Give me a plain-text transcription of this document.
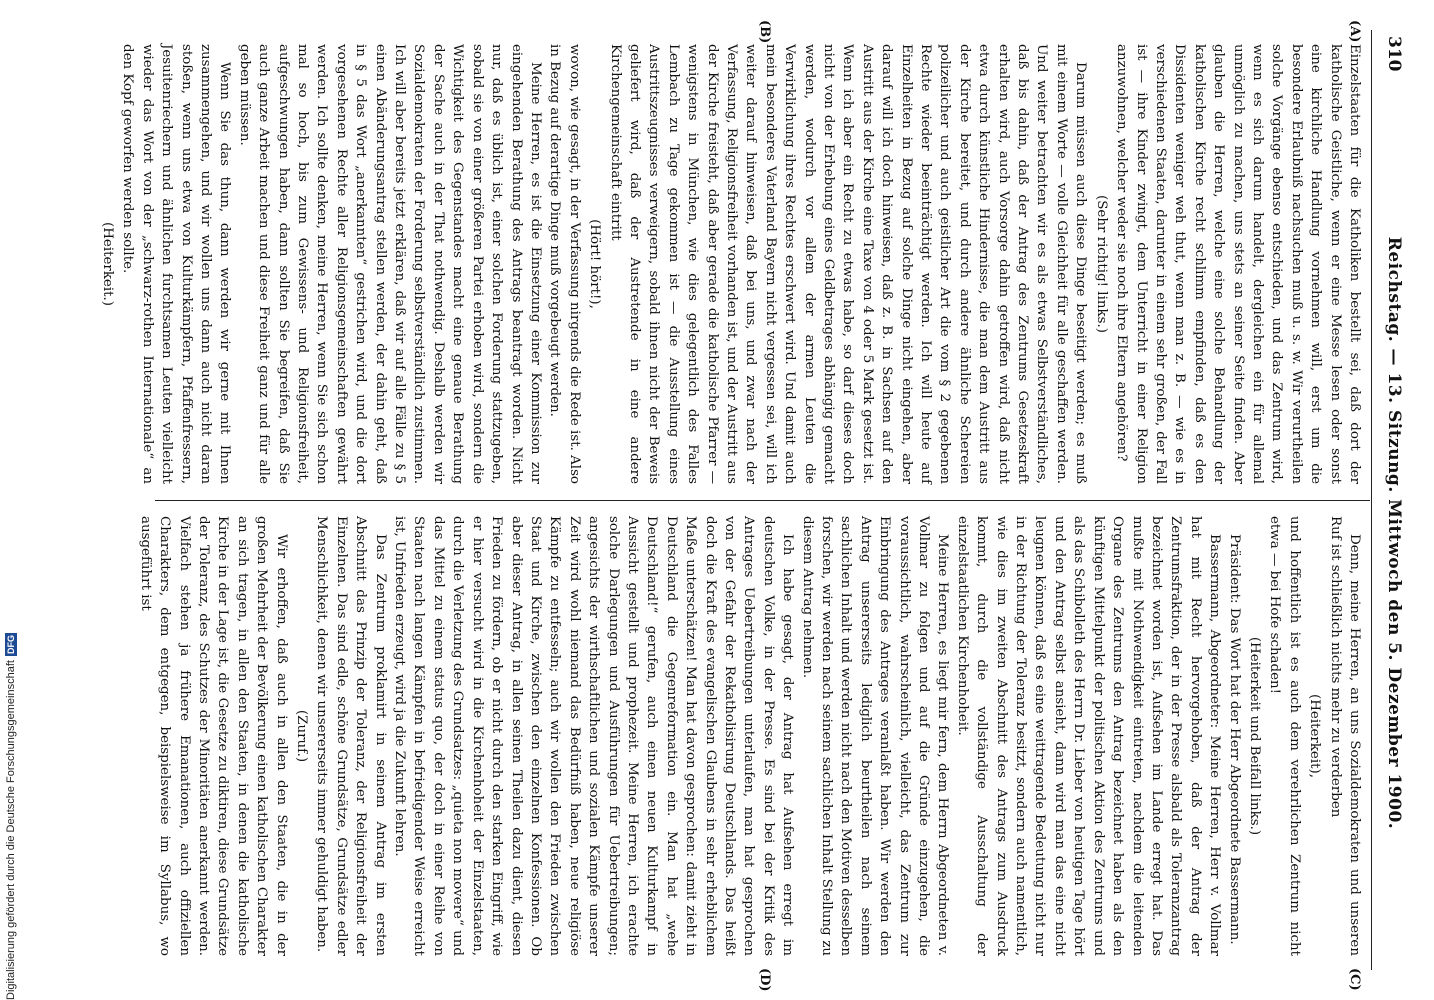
310
Reichstag. — 13. Sitzung. Mittwoch den 5. Dezember 1900.
(A)
(B)
(C)
(D)

Einzelstaaten für die Katholiken bestellt sei, daß dort der katholische Geistliche, wenn er eine Messe lesen oder sonst eine kirchliche Handlung vornehmen will, erst um die besondere Erlaubniß nachsuchen muß u. s. w. Wir verurtheilen solche Vorgänge ebenso entschieden, und das Zentrum wird, wenn es sich darum handelt, dergleichen ein für allemal unmöglich zu machen, uns stets an seiner Seite finden. Aber glauben die Herren, welche eine solche Behandlung der katholischen Kirche recht schlimm empfinden, daß es den Dissidenten weniger weh thut, wenn man z. B. — wie es in verschiedenen Staaten, darunter in einem sehr großen, der Fall ist — ihre Kinder zwingt, dem Unterricht in einer Religion anzuwohnen, welcher weder sie noch ihre Eltern angehören?

(Sehr richtig! links.)

Darum müssen auch diese Dinge beseitigt werden; es muß mit einem Worte — volle Gleichheit für alle geschaffen werden. Und weiter betrachten wir es als etwas Selbstverständliches, daß bis dahin, daß der Antrag des Zentrums Gesetzeskraft erhalten wird, auch Vorsorge dahin getroffen wird, daß nicht etwa durch künstliche Hindernisse, die man dem Austritt aus der Kirche bereitet, und durch andere ähnliche Schereien polizeilicher und auch geistlicher Art die vom § 2 gegebenen Rechte wieder beeinträchtigt werden. Ich will heute auf Einzelheiten in Bezug auf solche Dinge nicht eingehen, aber darauf will ich doch hinweisen, daß z. B. in Sachsen auf den Austritt aus der Kirche eine Taxe von 4 oder 5 Mark gesetzt ist. Wenn ich aber ein Recht zu etwas habe, so darf dieses doch nicht von der Erhebung eines Geldbetrages abhängig gemacht werden, wodurch vor allem der armen Leuten die Verwirklichung ihres Rechtes erschwert wird. Und damit auch mein besonderes Vaterland Bayern nicht vergessen sei, will ich weiter darauf hinweisen, daß bei uns, und zwar nach der Verfassung, Religionsfreiheit vorhanden ist, und der Austritt aus der Kirche freisteht, daß aber gerade die katholische Pfarrer — wenigstens in München, wie dies gelegentlich des Falles Lembach zu Tage gekommen ist — die Ausstellung eines Austrittszeugnisses verweigern, sobald ihnen nicht der Beweis geliefert wird, daß der Austretende in eine andere Kirchengemeinschaft eintritt

(Hört! hört!),

wovon, wie gesagt, in der Verfassung nirgends die Rede ist. Also in Bezug auf derartige Dinge muß vorgebeugt werden.

Meine Herren, es ist die Einsetzung einer Kommission zur eingehenden Berathung des Antrags beantragt worden. Nicht nur, daß es üblich ist, einer solchen Forderung stattzugeben, sobald sie von einer größeren Partei erhoben wird, sondern die Wichtigkeit des Gegenstandes macht eine genaue Berathung der Sache auch in der That nothwendig. Deshalb werden wir Sozialdemokraten der Forderung selbstverständlich zustimmen. Ich will aber bereits jetzt erklären, daß wir auf alle Fälle zu § 5 einen Abänderungsantrag stellen werden, der dahin geht, daß in § 5 das Wort „anerkannten“ gestrichen wird, und die dort vorgesehenen Rechte aller Religionsgemeinschaften gewährt werden. Ich sollte denken, meine Herren, wenn Sie sich schon mal so hoch, bis zum Gewissens- und Religionsfreiheit, aufgeschwungen haben, dann sollten Sie begreifen, daß Sie auch ganze Arbeit machen und diese Freiheit ganz und für alle geben müssen.

Wenn Sie das thun, dann werden wir gerne mit Ihnen zusammengehen, und wir wollen uns dann auch nicht daran stoßen, wenn uns etwa von Kulturkämpfern, Pfaffenfressern, Jesuitenriechern und ähnlichen furchtsamen Leuten vielleicht wieder das Wort von der „schwarz-rothen Internationale“ an den Kopf geworfen werden sollte.

(Heiterkeit.)

Denn, meine Herren, an uns Sozialdemokraten und unseren Ruf ist schließlich nichts mehr zu verderben

(Heiterkeit),

und hoffentlich ist es auch dem verehrlichen Zentrum nicht etwa — bei Hofe schaden!

(Heiterkeit und Beifall links.)

Präsident: Das Wort hat der Herr Abgeordnete Bassermann.

Bassermann, Abgeordneter: Meine Herren, Herr v. Vollmar hat mit Recht hervorgehoben, daß der Antrag der Zentrumsfraktion, der in der Presse alsbald als Toleranzantrag bezeichnet worden ist, Aufsehen im Lande erregt hat. Das mußte mit Nothwendigkeit eintreten, nachdem die leitenden Organe des Zentrums den Antrag bezeichnet haben als den künftigen Mittelpunkt der politischen Aktion des Zentrums und als das Schibolleth des Herrn Dr. Lieber von heutigen Tage hört und den Antrag selbst ansieht, dann wird man das eine nicht leugnen können, daß es eine weittragende Bedeutung nicht nur in der Richtung der Toleranz besitzt, sondern auch namentlich, wie dies im zweiten Abschnitt des Antrags zum Ausdruck kommt, durch die vollständige Ausschaltung der einzelstaatlichen Kirchenhoheit.

Meine Herren, es liegt mir fern, dem Herrn Abgeordneten v. Vollmar zu folgen und auf die Gründe einzugehen, die voraussichtlich, wahrscheinlich, vielleicht, das Zentrum zur Einbringung des Antrages veranlaßt haben. Wir werden den Antrag unsererseits lediglich beurtheilen nach seinem sachlichen Inhalt und werden nicht nach den Motiven desselben forschen, wir werden nach seinem sachlichen Inhalt Stellung zu diesem Antrag nehmen.

Ich habe gesagt, der Antrag hat Aufsehen erregt im deutschen Volke, in der Presse. Es sind bei der Kritik des Antrages Uebertreibungen unterlaufen, man hat gesprochen von der Gefahr der Rekatholisirung Deutschlands. Das heißt doch die Kraft des evangelischen Glaubens in sehr erheblichem Maße unterschätzen! Man hat davon gesprochen: damit zieht in Deutschland die Gegenreformation ein. Man hat „wehe Deutschland!“ gerufen, auch einen neuen Kulturkampf in Aussicht gestellt und prophezeit. Meine Herren, ich erachte solche Darlegungen und Ausführungen für Uebertreibungen; angesichts der wirthschaftlichen und sozialen Kämpfe unserer Zeit wird wohl niemand das Bedürfniß haben, neue religiöse Kämpfe zu entfesseln; auch wir wollen den Frieden zwischen Staat und Kirche, zwischen den einzelnen Konfessionen. Ob aber dieser Antrag, in allen seinen Theilen dazu dient, diesen Frieden zu fördern, ob er nicht durch den starken Eingriff, wie er hier versucht wird in die Kirchenhoheit der Einzelstaaten, durch die Verletzung des Grundsatzes: „quieta non movere“ und das Mittel zu einem status quo, der doch in einer Reihe von Staaten nach langen Kämpfen in befriedigender Weise erreicht ist, Unfrieden erzeugt, wird ja die Zukunft lehren.

Das Zentrum proklamirt in seinem Antrag im ersten Abschnitt das Prinzip der Toleranz, der Religionsfreiheit der Einzelnen. Das sind edle, schöne Grundsätze, Grundsätze edler Menschlichkeit, denen wir unsererseits immer gehuldigt haben.

(Zuruf.)

Wir erhoffen, daß auch in allen den Staaten, die in der großen Mehrheit der Bevölkerung einen katholischen Charakter an sich tragen, in allen den Staaten, in denen die katholische Kirche in der Lage ist, die Gesetze zu diktiren, diese Grundsätze der Toleranz, des Schutzes der Minoritäten anerkannt werden. Vielfach stehen ja frühere Emanationen, auch offiziellen Charakters, dem entgegen, beispielsweise im Syllabus, wo ausgeführt ist

Digitalisierung gefördert durch die Deutsche Forschungsgemeinschaft
DFG
